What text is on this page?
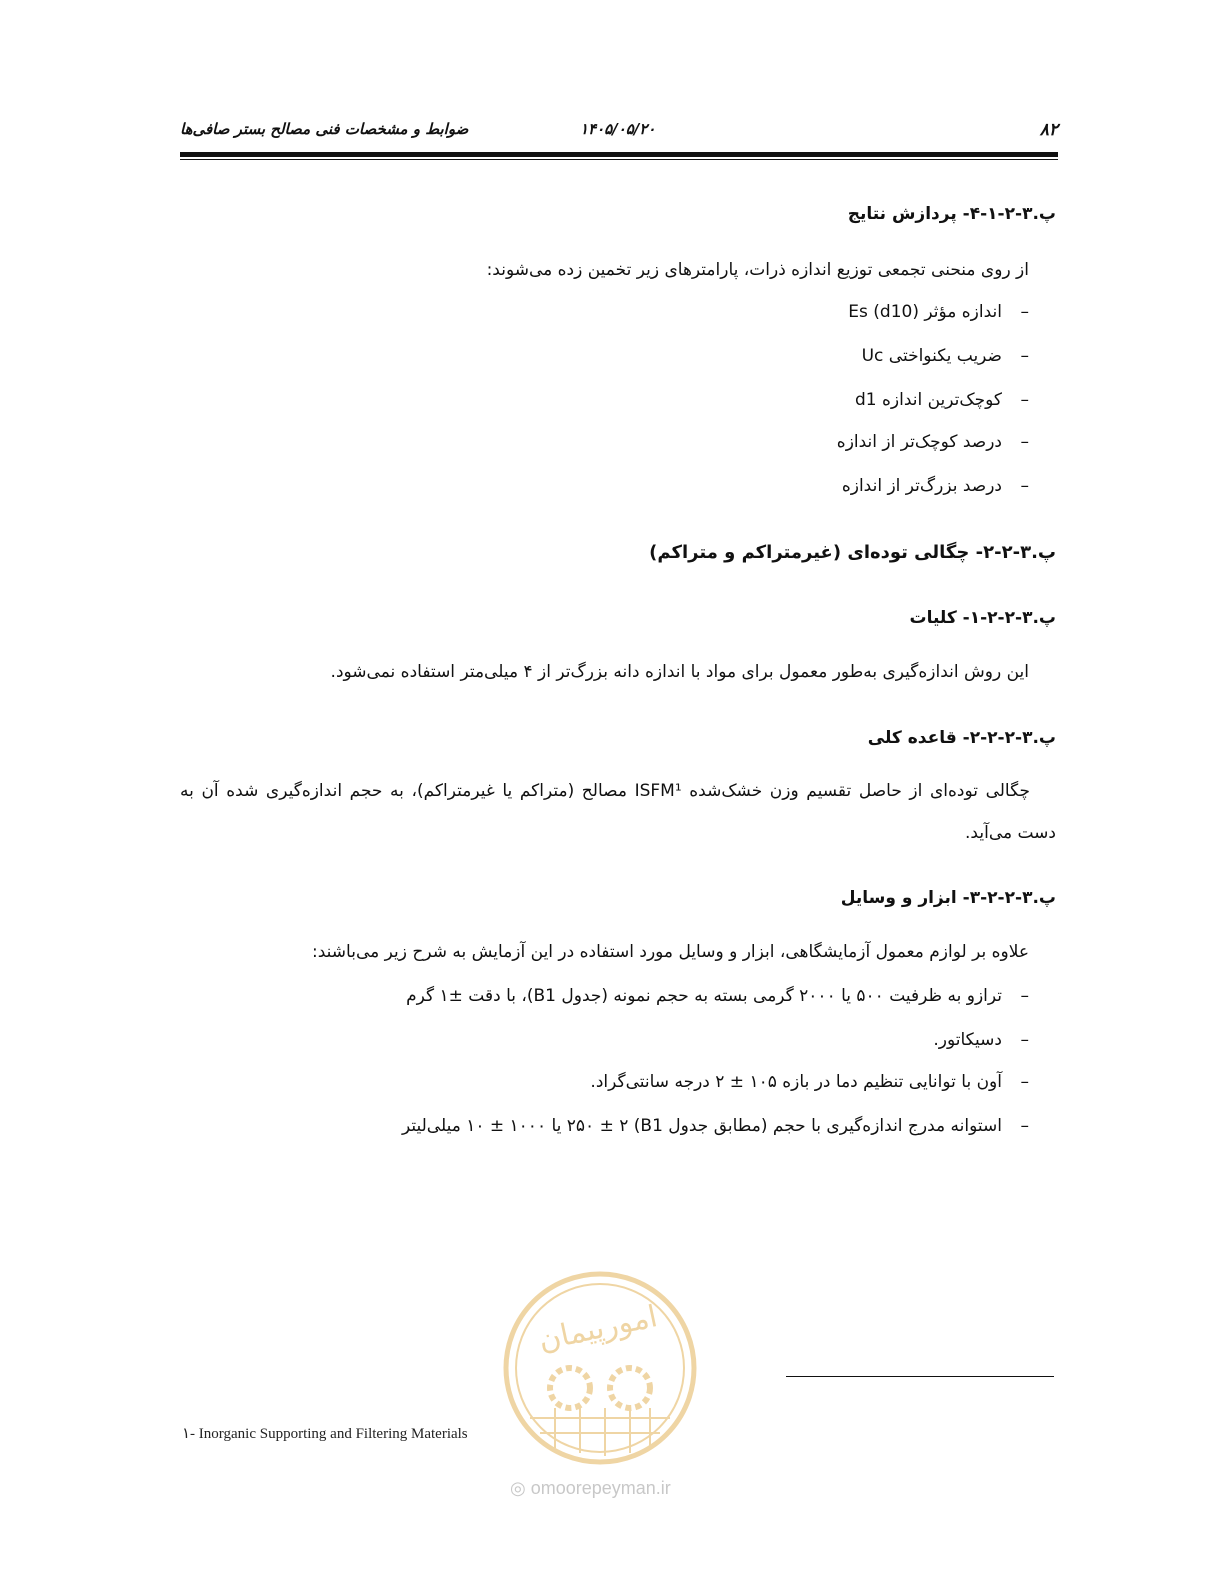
۸۲
۱۴۰۵/۰۵/۲۰
ضوابط و مشخصات فنی مصالح بستر صافی‌ها
پ.۳-۲-۱-۴- پردازش نتایج
از روی منحنی تجمعی توزیع اندازه ذرات، پارامترهای زیر تخمین زده می‌شوند:
–
اندازه مؤثر (Es (d10
–
ضریب یکنواختی Uc
–
کوچک‌ترین اندازه d1
–
درصد کوچک‌تر از اندازه
–
درصد بزرگ‌تر از اندازه
پ.۳-۲-۲- چگالی توده‌ای (غیرمتراکم و متراکم)
پ.۳-۲-۲-۱- کلیات
این روش اندازه‌گیری به‌طور معمول برای مواد با اندازه دانه بزرگ‌تر از ۴ میلی‌متر استفاده نمی‌شود.
پ.۳-۲-۲-۲- قاعده کلی
چگالی توده‌ای از حاصل تقسیم وزن خشک‌شده ISFM¹ مصالح (متراکم یا غیرمتراکم)، به حجم اندازه‌گیری شده آن به دست می‌آید.
پ.۳-۲-۲-۳- ابزار و وسایل
علاوه بر لوازم معمول آزمایشگاهی، ابزار و وسایل مورد استفاده در این آزمایش به شرح زیر می‌باشند:
–
ترازو به ظرفیت ۵۰۰ یا ۲۰۰۰ گرمی بسته به حجم نمونه (جدول B1)، با دقت ±۱ گرم
–
دسیکاتور.
–
آون با توانایی تنظیم دما در بازه ۱۰۵ ± ۲ درجه سانتی‌گراد.
–
استوانه مدرج اندازه‌گیری با حجم (مطابق جدول B1) ۲۵۰ ± ۲ یا ۱۰۰۰ ± ۱۰ میلی‌لیتر
امورپیمان
◎ omoorepeyman.ir
۱- Inorganic Supporting and Filtering Materials
